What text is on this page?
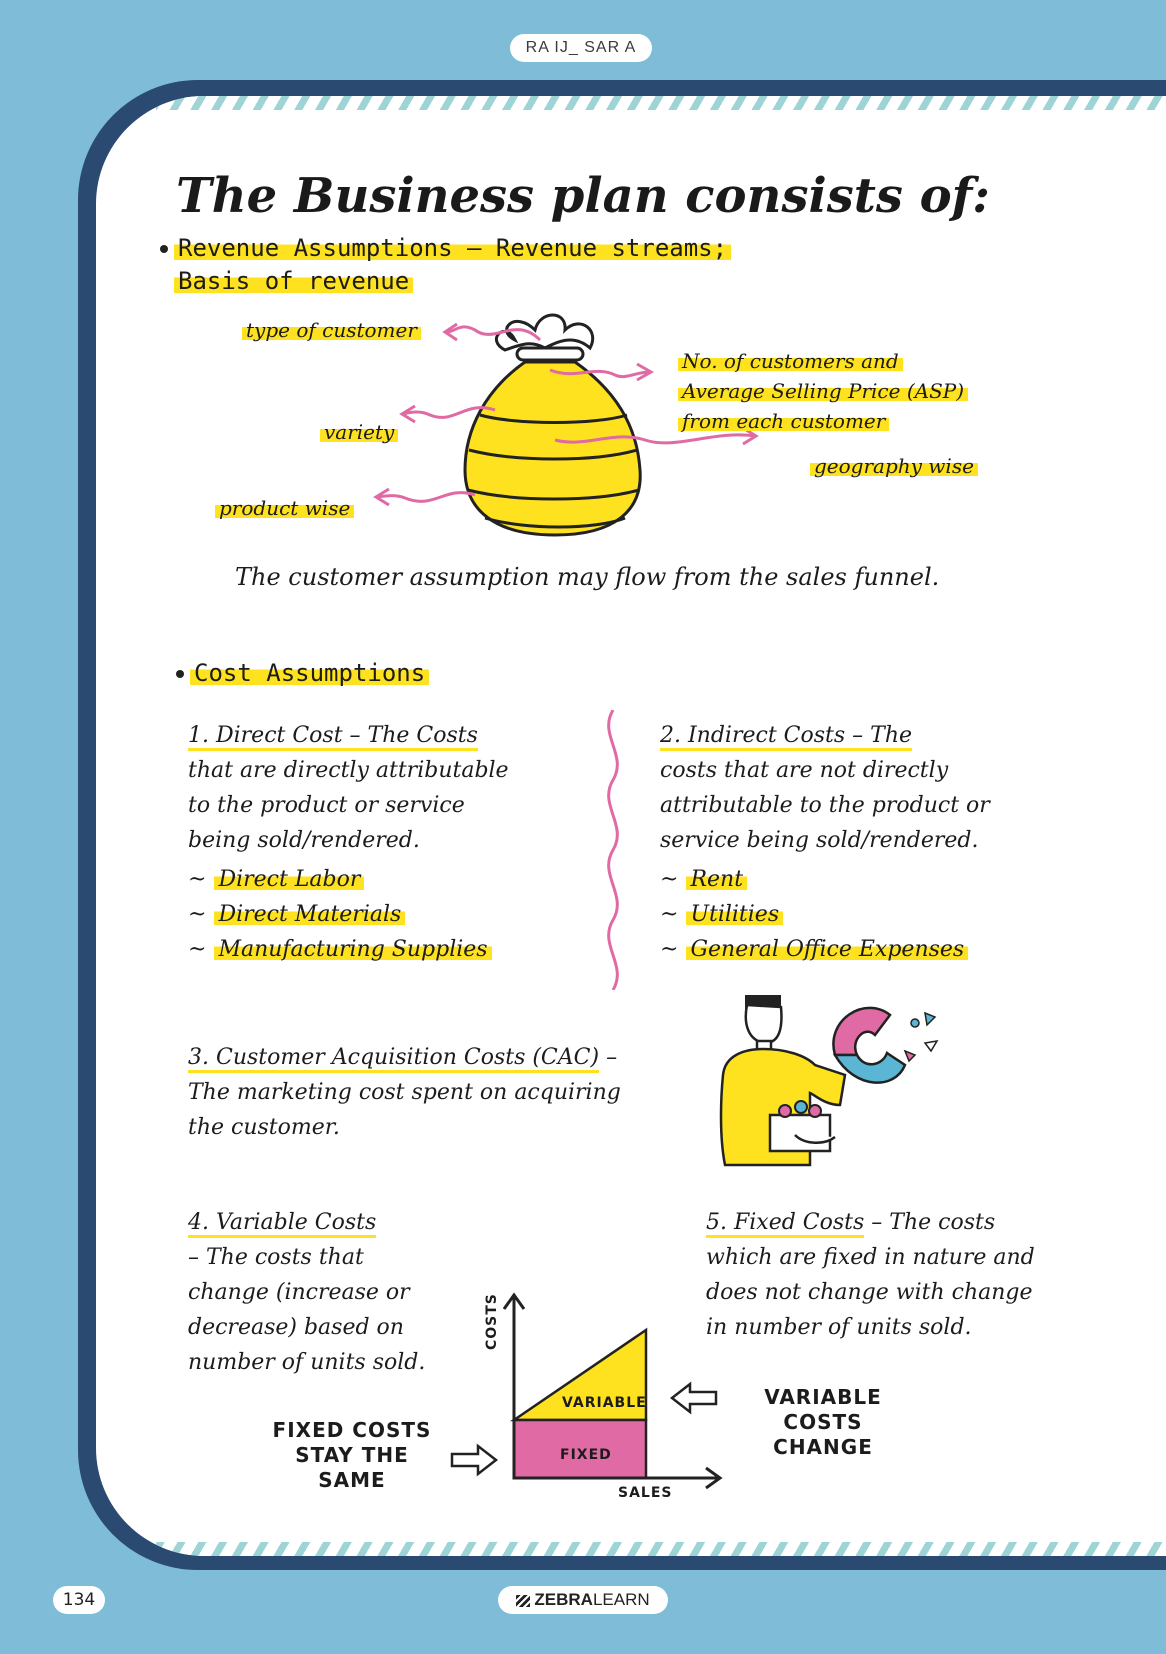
RA IJ_ SAR A
The Business plan consists of:
Revenue Assumptions – Revenue streams;
Basis of revenue
type of customer
variety
product wise
No. of customers and
Average Selling Price (ASP)
from each customer
geography wise
The customer assumption may flow from the sales funnel.
Cost Assumptions

1. Direct Cost – The Costs

that are directly attributable

to the product or service

being sold/rendered.

~ Direct Labor
~ Direct Materials
~ Manufacturing Supplies

2. Indirect Costs – The

costs that are not directly

attributable to the product or

service being sold/rendered.

~ Rent
~ Utilities
~ General Office Expenses

3. Customer Acquisition Costs (CAC) –

The marketing cost spent on acquiring

the customer.

4. Variable Costs

– The costs that

change (increase or

decrease) based on

number of units sold.

5. Fixed Costs – The costs

which are fixed in nature and

does not change with change

in number of units sold.

COSTS
SALES
VARIABLE
FIXED
VARIABLE COSTS
CHANGE
FIXED COSTS
STAY THE SAME
134	ZEBRALEARN
